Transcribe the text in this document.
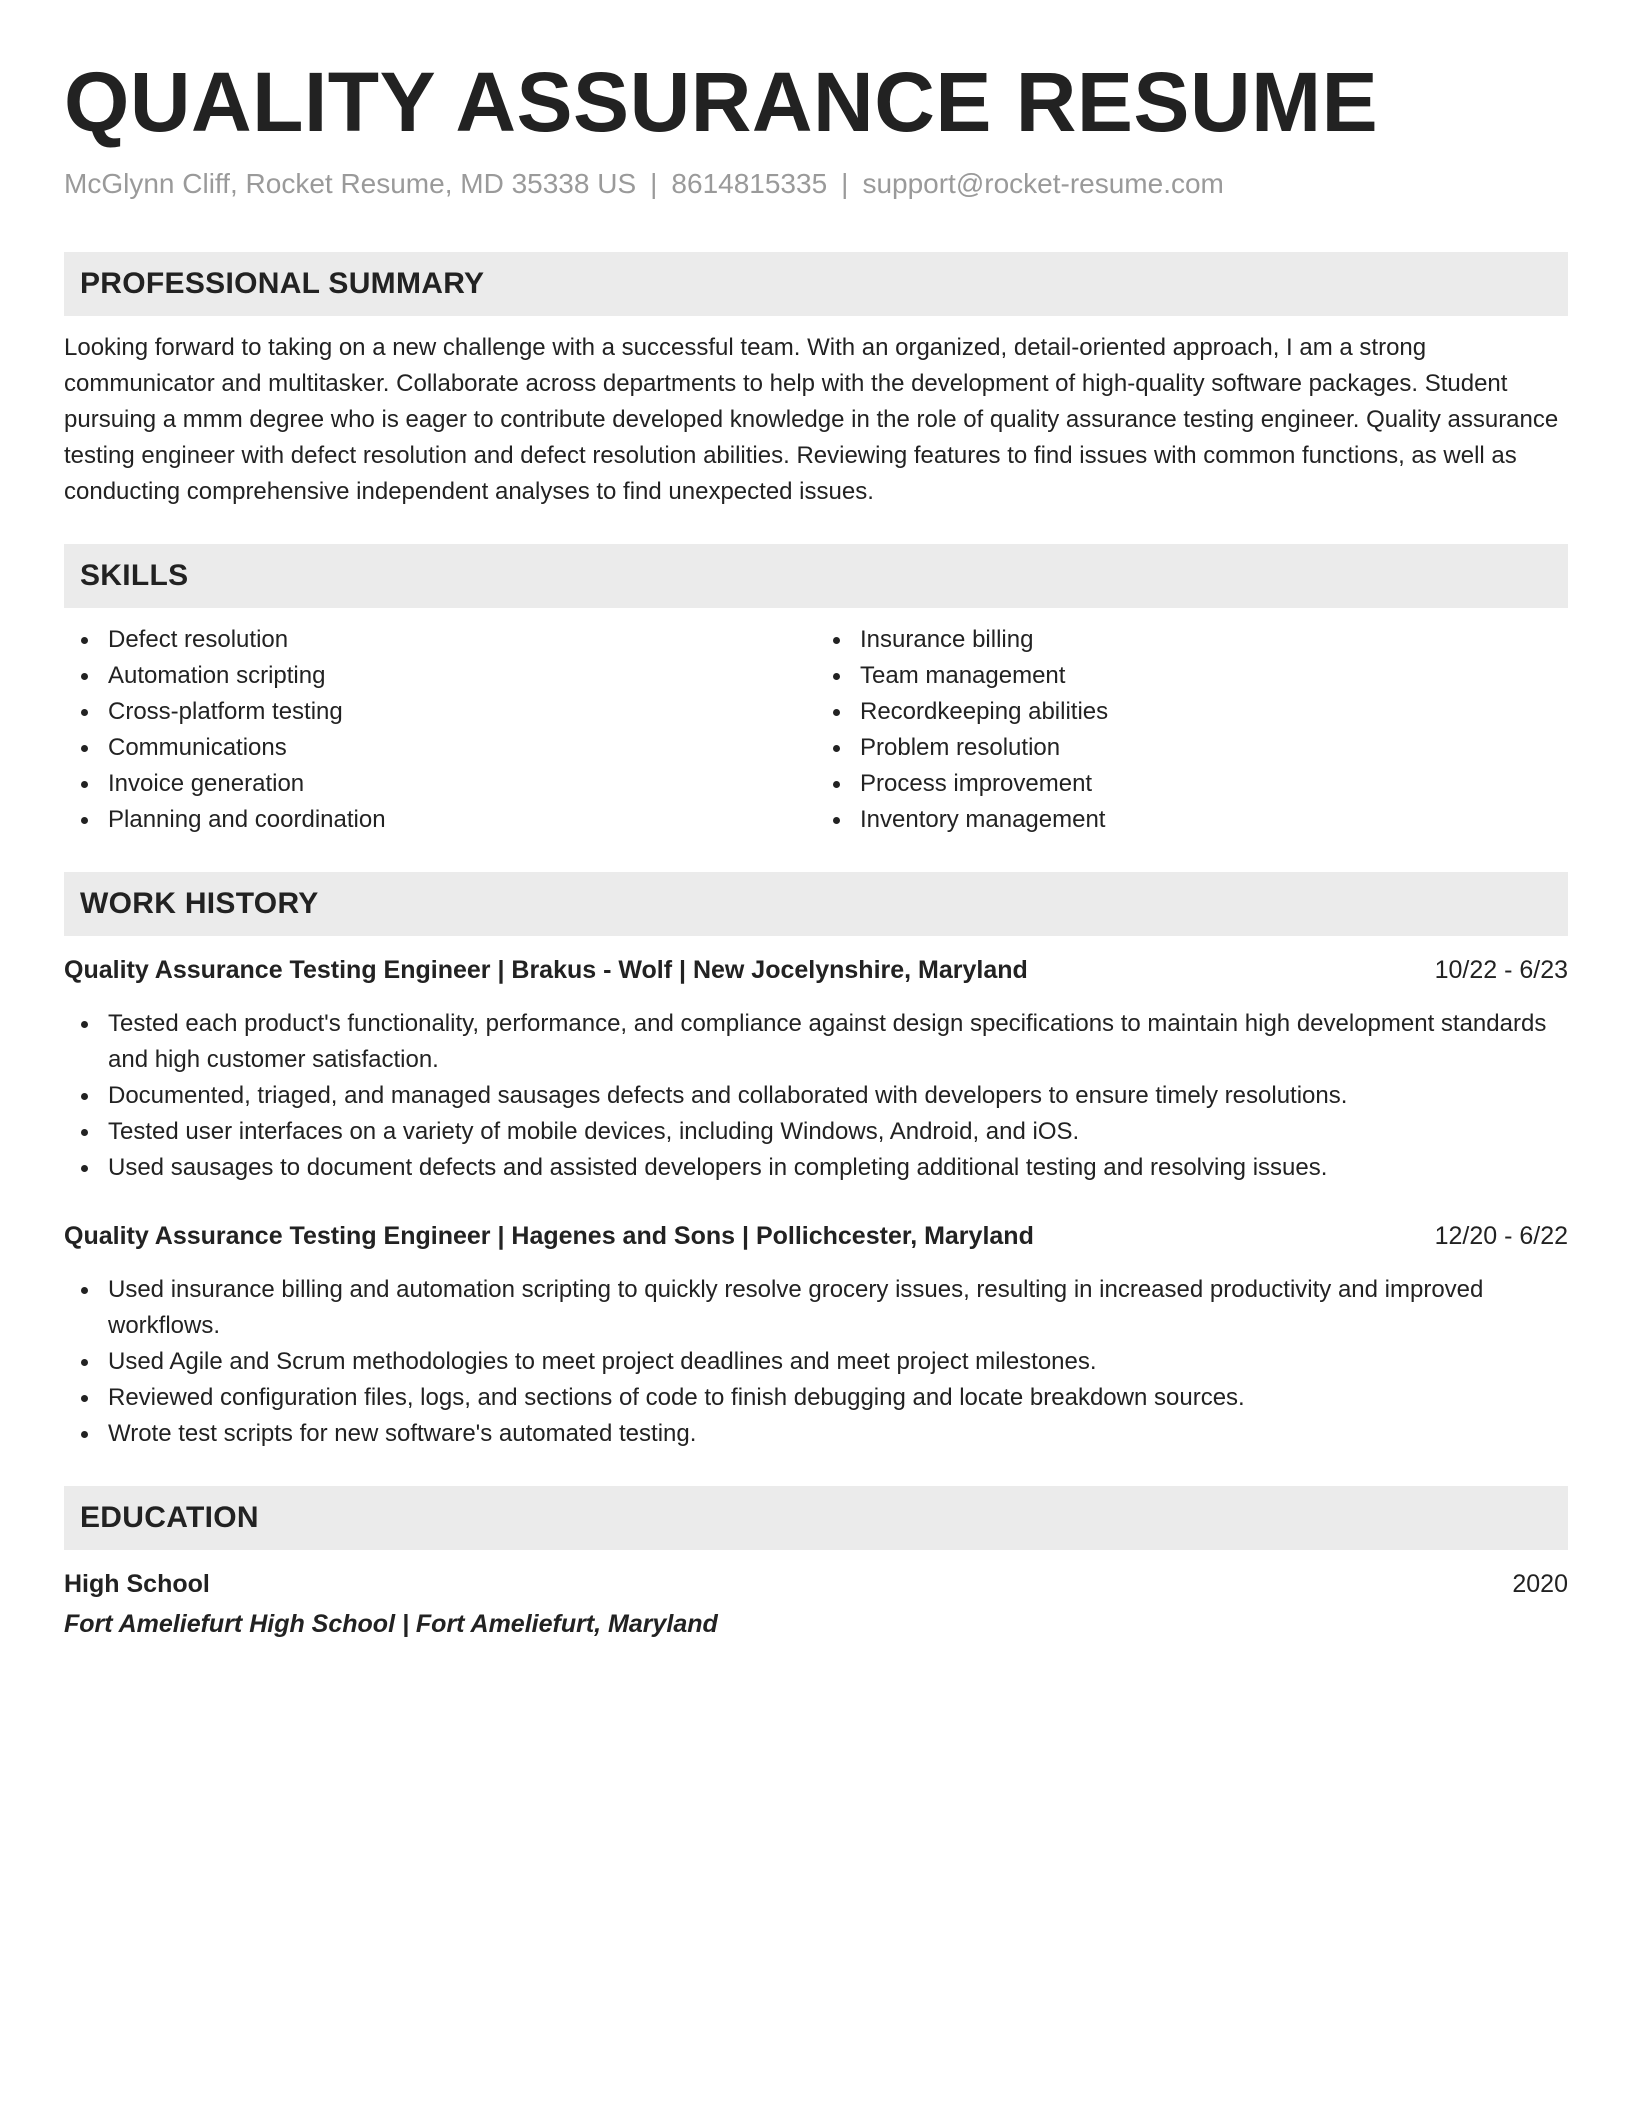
QUALITY ASSURANCE RESUME
McGlynn Cliff, Rocket Resume, MD 35338 US | 8614815335 | support@rocket-resume.com
PROFESSIONAL SUMMARY

Looking forward to taking on a new challenge with a successful team. With an organized, detail-oriented approach, I am a strong communicator and multitasker. Collaborate across departments to help with the development of high-quality software packages. Student pursuing a mmm degree who is eager to contribute developed knowledge in the role of quality assurance testing engineer. Quality assurance testing engineer with defect resolution and defect resolution abilities. Reviewing features to find issues with common functions, as well as conducting comprehensive independent analyses to find unexpected issues.

SKILLS
Defect resolution
Automation scripting
Cross-platform testing
Communications
Invoice generation
Planning and coordination
Insurance billing
Team management
Recordkeeping abilities
Problem resolution
Process improvement
Inventory management
WORK HISTORY
Quality Assurance Testing Engineer | Brakus - Wolf | New Jocelynshire, Maryland	10/22 - 6/23
Tested each product's functionality, performance, and compliance against design specifications to maintain high development standards and high customer satisfaction.
Documented, triaged, and managed sausages defects and collaborated with developers to ensure timely resolutions.
Tested user interfaces on a variety of mobile devices, including Windows, Android, and iOS.
Used sausages to document defects and assisted developers in completing additional testing and resolving issues.
Quality Assurance Testing Engineer | Hagenes and Sons | Pollichcester, Maryland	12/20 - 6/22
Used insurance billing and automation scripting to quickly resolve grocery issues, resulting in increased productivity and improved workflows.
Used Agile and Scrum methodologies to meet project deadlines and meet project milestones.
Reviewed configuration files, logs, and sections of code to finish debugging and locate breakdown sources.
Wrote test scripts for new software's automated testing.
EDUCATION
High School	2020
Fort Ameliefurt High School | Fort Ameliefurt, Maryland
